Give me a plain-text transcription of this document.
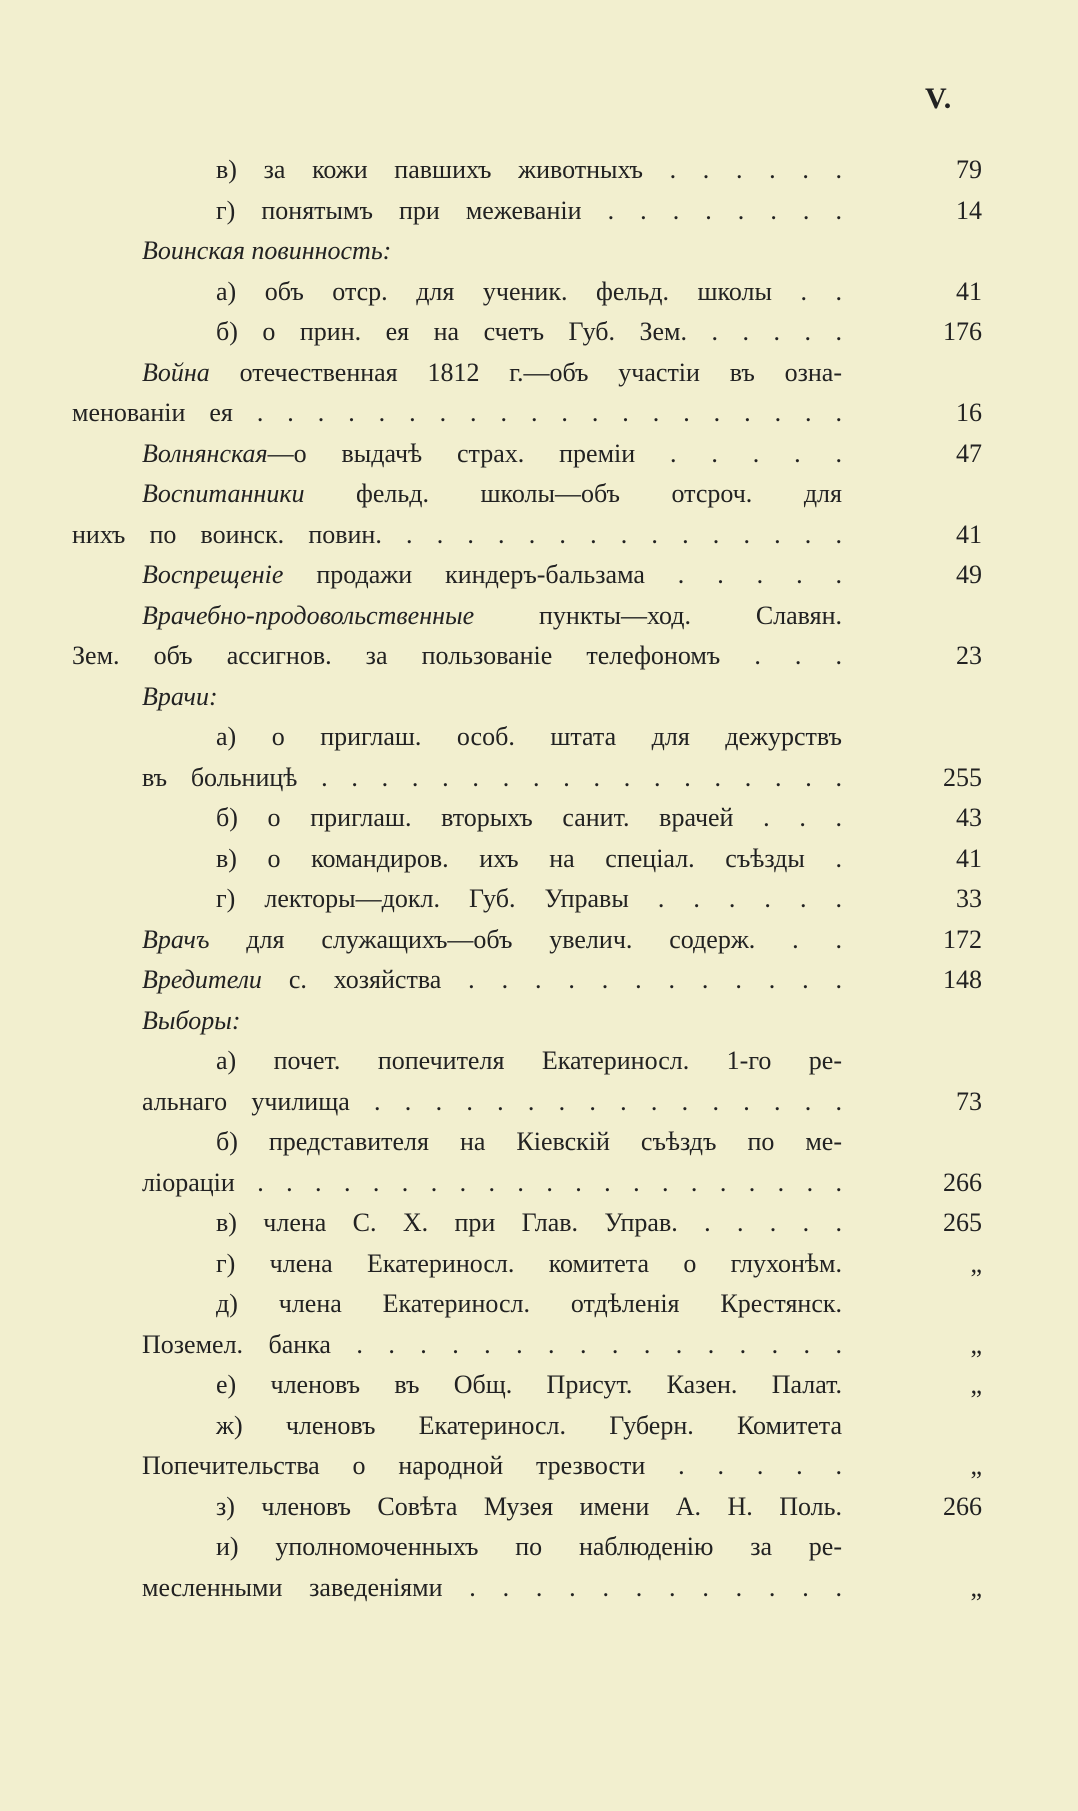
V.
в) за кожи павшихъ животныхъ . . . . . .	79
г) понятымъ при межеваніи . . . . . . . .	14
Воинская повинность:
а) объ отср. для ученик. фельд. школы . .	41
б) о прин. ея на счетъ Губ. Зем. . . . . .	176
Война отечественная 1812 г.—объ участіи въ озна-
менованіи ея . . . . . . . . . . . . . . . . . . . .	16
Волнянская—о выдачѣ страх. преміи . . . . .	47
Воспитанники фельд. школы—объ отсроч. для
нихъ по воинск. повин. . . . . . . . . . . . . . . .	41
Воспрещеніе продажи киндеръ-бальзама . . . . .	49
Врачебно-продовольственные пункты—ход. Славян.
Зем. объ ассигнов. за пользованіе телефономъ . . .	23
Врачи:
а) о приглаш. особ. штата для дежурствъ
въ больницѣ . . . . . . . . . . . . . . . . . .	255
б) о приглаш. вторыхъ санит. врачей . . .	43
в) о командиров. ихъ на спеціал. съѣзды .	41
г) лекторы—докл. Губ. Управы . . . . . .	33
Врачъ для служащихъ—объ увелич. содерж. . .	172
Вредители с. хозяйства . . . . . . . . . . . .	148
Выборы:
а) почет. попечителя Екатериносл. 1-го ре-
альнаго училища . . . . . . . . . . . . . . . .	73
б) представителя на Кіевскій съѣздъ по ме-
ліораціи . . . . . . . . . . . . . . . . . . . . .	266
в) члена С. Х. при Глав. Управ. . . . . .	265
г) члена Екатериносл. комитета о глухонѣм.	„
д) члена Екатериносл. отдѣленія Крестянск.
Поземел. банка . . . . . . . . . . . . . . . .	„
е) членовъ въ Общ. Присут. Казен. Палат.	„
ж) членовъ Екатериносл. Губерн. Комитета
Попечительства о народной трезвости . . . . .	„
з) членовъ Совѣта Музея имени А. Н. Поль.	266
и) уполномоченныхъ по наблюденію за ре-
месленными заведеніями . . . . . . . . . . . .	„
